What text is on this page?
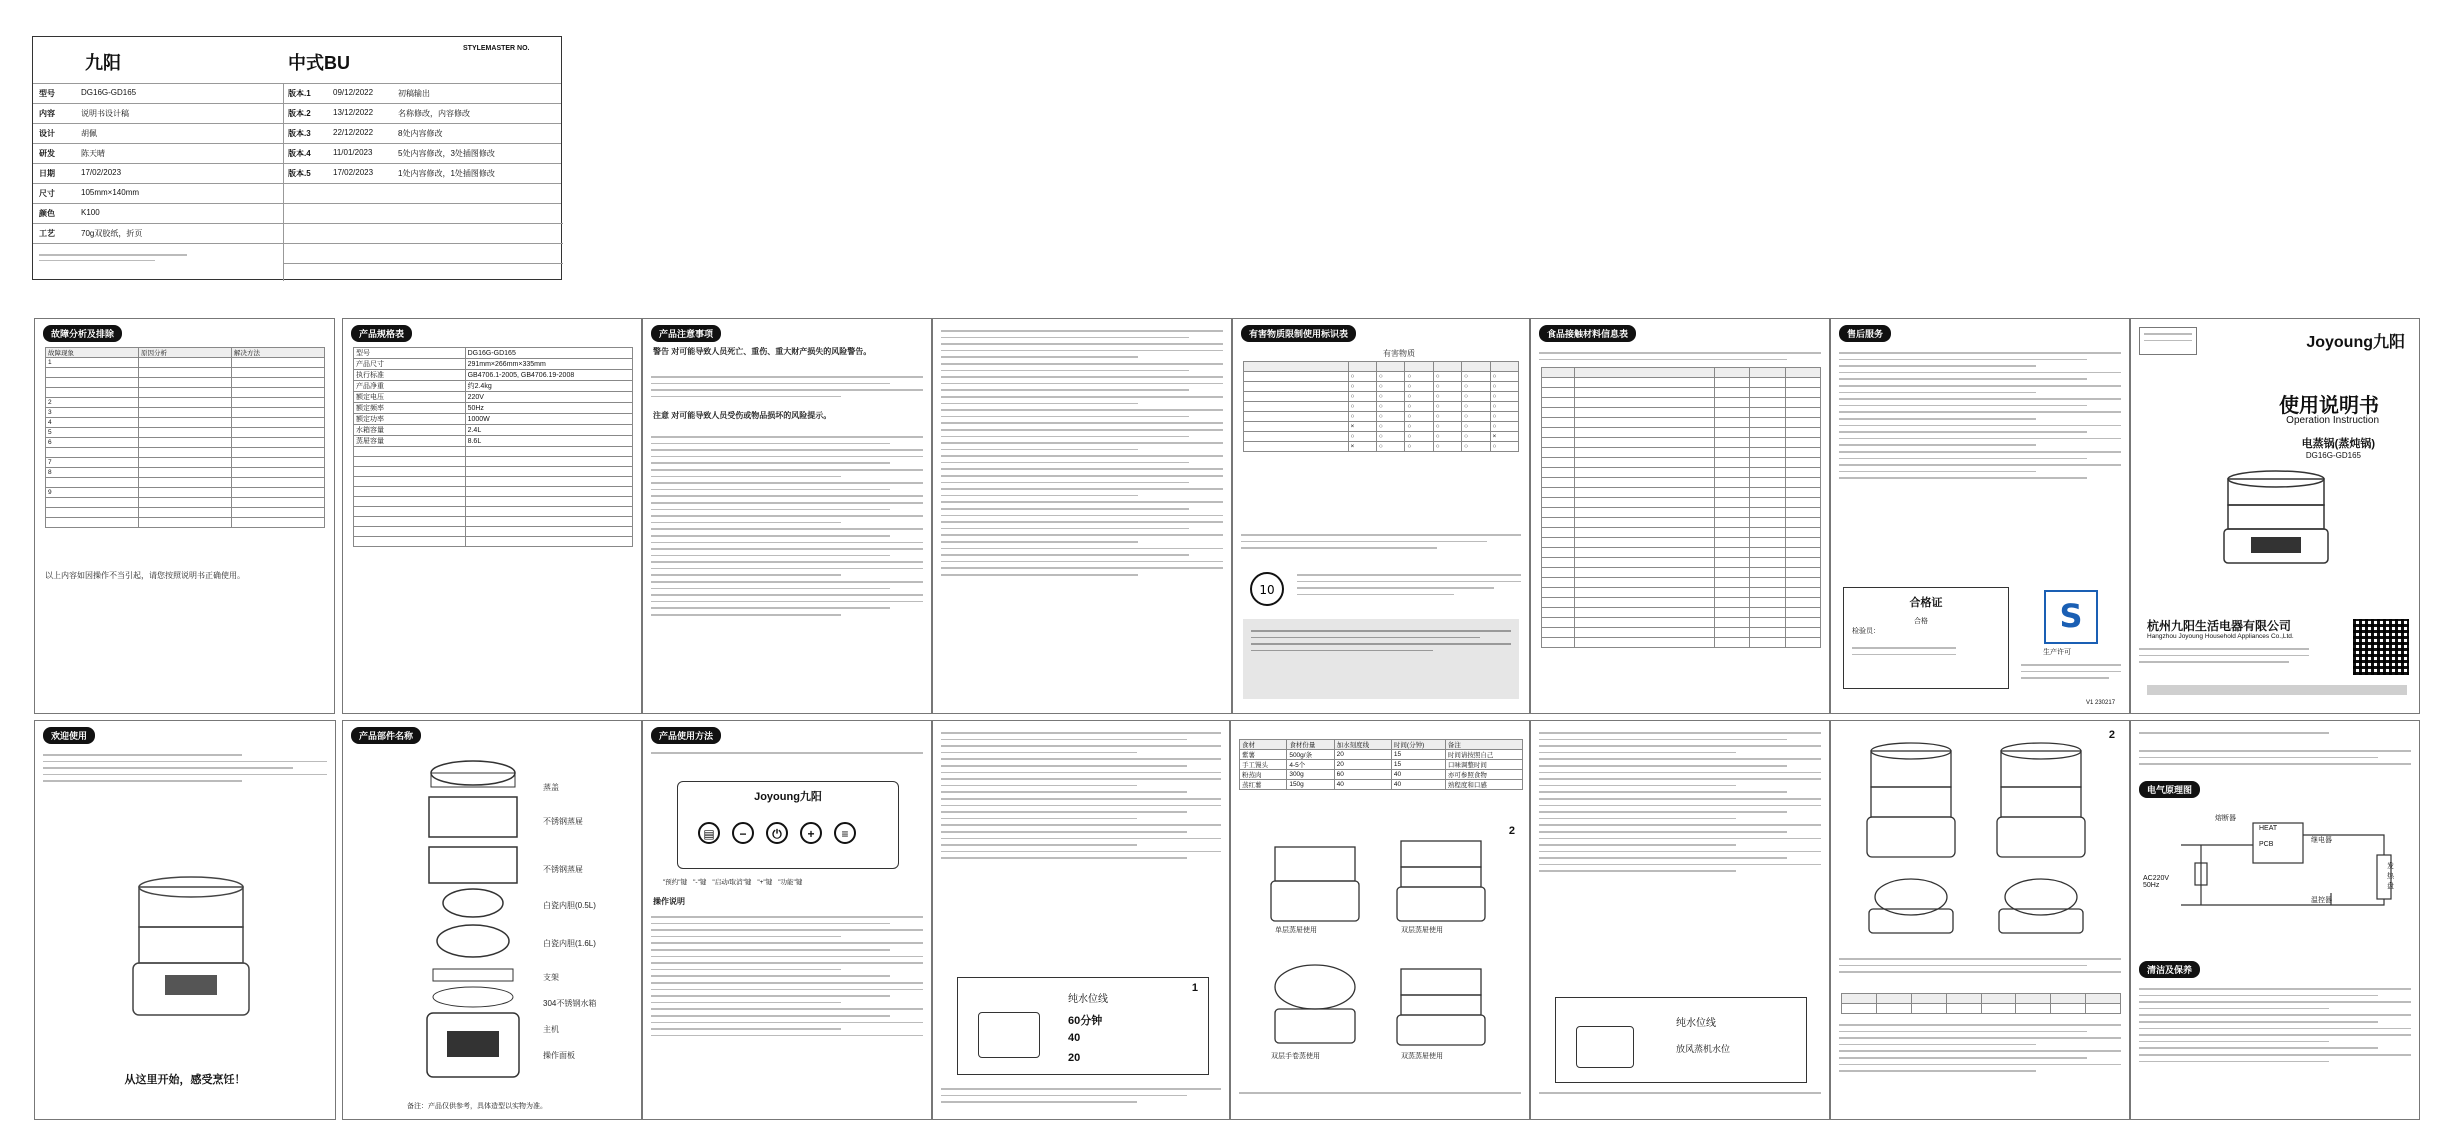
九阳	中式BU
STYLEMASTER NO.
型号	DG16G-GD165	版本.1	09/12/2022	初稿输出
内容	说明书设计稿	版本.2	13/12/2022	名称修改，内容修改
设计	胡佩	版本.3	22/12/2022	8处内容修改
研发	陈天晴	版本.4	11/01/2023	5处内容修改，3处插图修改
日期	17/02/2023	版本.5	17/02/2023	1处内容修改，1处插图修改
尺寸	105mm×140mm
颜色	K100
工艺	70g双胶纸，折页
故障分析及排除
故障现象	原因分析	解决方法
1		

2		
3		
4		
5		
6		

7		
8		

9		

以上内容如因操作不当引起，请您按照说明书正确使用。
产品规格表
型号	DG16G-GD165
产品尺寸	291mm×266mm×335mm
执行标准	GB4706.1-2005, GB4706.19-2008
产品净重	约2.4kg
额定电压	220V
额定频率	50Hz
额定功率	1000W
水箱容量	2.4L
蒸屉容量	8.6L

产品注意事项
警告 对可能导致人员死亡、重伤、重大财产损失的风险警告。
注意 对可能导致人员受伤或物品损坏的风险提示。
有害物质限制使用标识表
有害物质

	○	○	○	○	○	○
	○	○	○	○	○	○
	○	○	○	○	○	○
	○	○	○	○	○	○
	○	○	○	○	○	○
	×	○	○	○	○	○
	○	○	○	○	○	×
	×	○	○	○	○	○
10
食品接触材料信息表

					售后服务
合格证
检验员：
合格	S
生产许可
Joyoung九阳
使用说明书
Operation Instruction
电蒸锅(蒸炖锅)
DG16G-GD165
杭州九阳生活电器有限公司
Hangzhou Joyoung Household Appliances Co.,Ltd.
V1 230217
欢迎使用
从这里开始，感受烹饪！
产品部件名称
蒸盖
不锈钢蒸屉
不锈钢蒸屉
白瓷内胆(0.5L)
白瓷内胆(1.6L)
支架
304不锈钢水箱
主机
操作面板
备注：产品仅供参考，具体造型以实物为准。
产品使用方法
Joyoung九阳
▤	−	⏻	+	≡
"预约"键 "-"键 "启动/取消"键 "+"键 "功能"键
操作说明
1
纯水位线
60分钟
40
20
食材	食材份量	加水刻度线	时间(分钟)	备注
紫薯	500g/条	20	15	时间请按照自己
手工馒头	4-5个	20	15	口味调整时间
粉蒸肉	300g	60	40	亦可参照食物
蒸红薯	150g	40	40	熟程度和口感
2
单层蒸屉使用	双层蒸屉使用
双层手卷蒸使用	双蒸蒸屉使用
纯水位线
放风蒸机水位
2

电气原理图
AC220V 50Hz
熔断器
HEAT
PCB
发热盘
温控器
继电器
清洁及保养
